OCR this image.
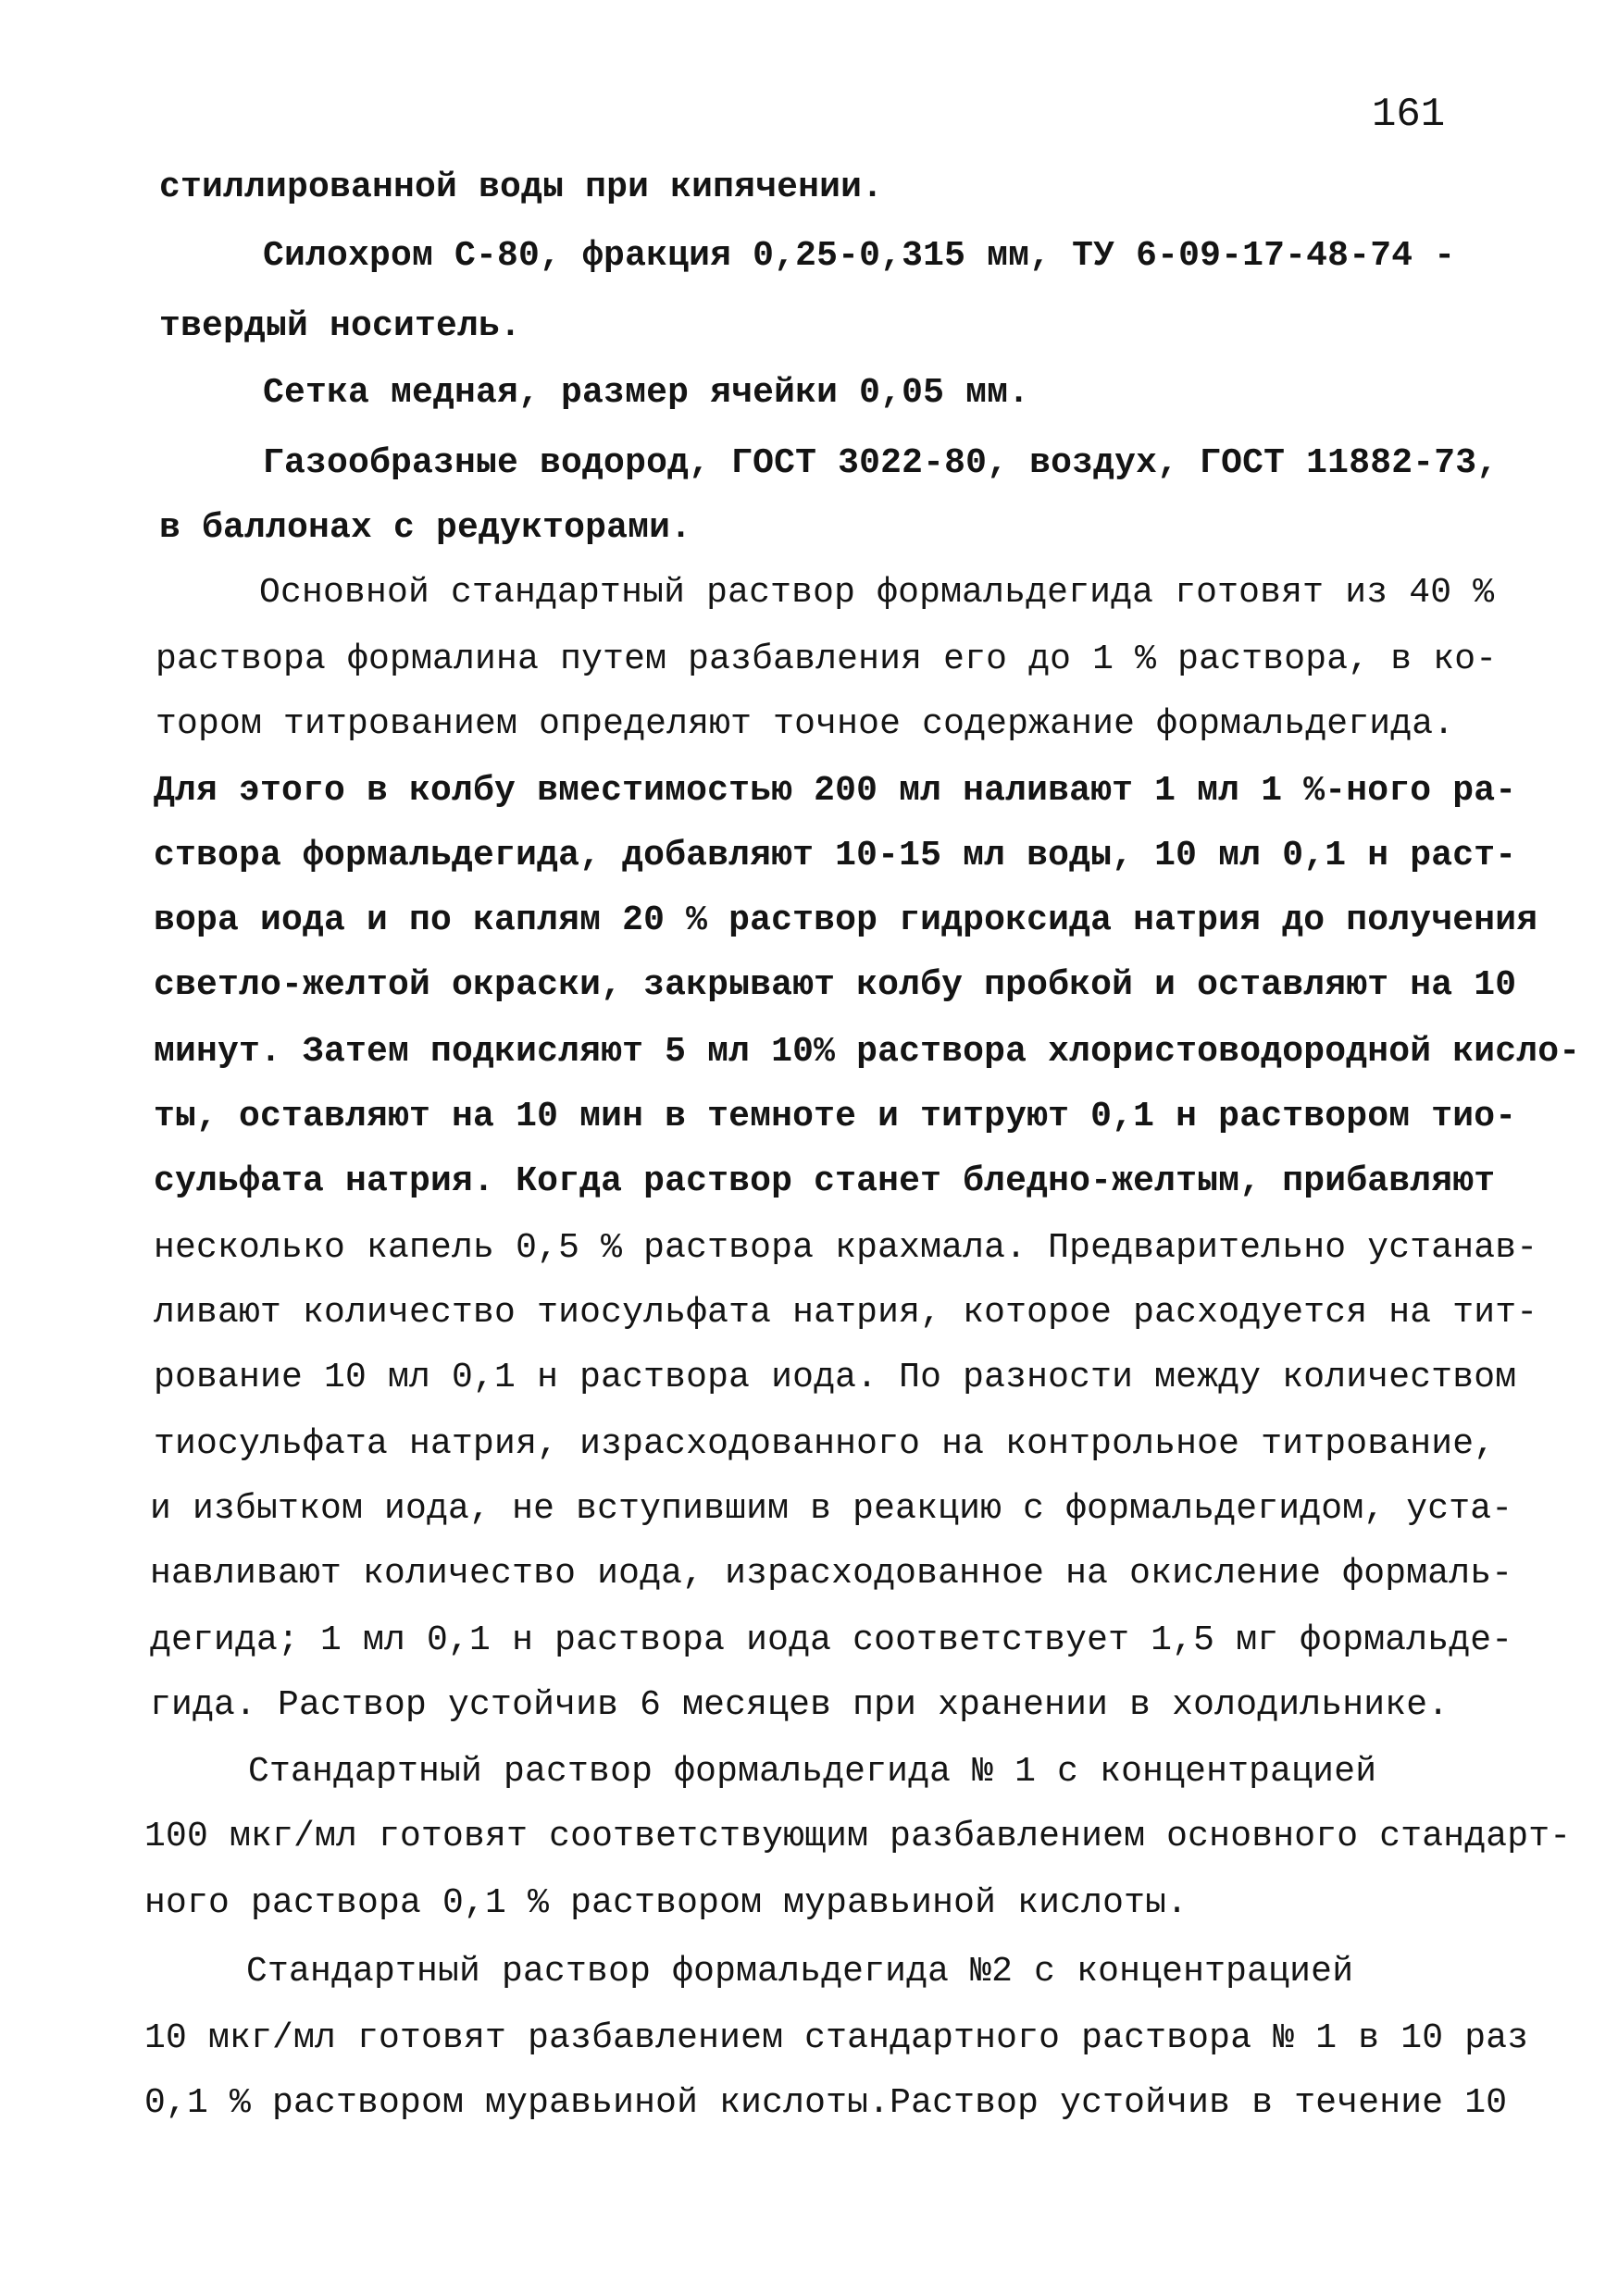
161
стиллированной воды при кипячении.
Силохром С-80, фракция 0,25-0,315 мм, ТУ 6-09-17-48-74 -
твердый носитель.
Сетка медная, размер ячейки 0,05 мм.
Газообразные водород, ГОСТ 3022-80, воздух, ГОСТ 11882-73,
в баллонах с редукторами.
Основной стандартный раствор формальдегида готовят из 40 %
раствора формалина путем разбавления его до 1 % раствора, в ко-
тором титрованием определяют точное содержание формальдегида.
Для этого в колбу вместимостью 200 мл наливают 1 мл 1 %-ного ра-
створа формальдегида, добавляют 10-15 мл воды, 10 мл 0,1 н раст-
вора иода и по каплям 20 % раствор гидроксида натрия до получения
светло-желтой окраски, закрывают колбу пробкой и оставляют на 10
минут. Затем подкисляют 5 мл 10% раствора хлористоводородной кисло-
ты, оставляют на 10 мин в темноте и титруют 0,1 н раствором тио-
сульфата натрия. Когда раствор станет бледно-желтым, прибавляют
несколько капель 0,5 % раствора крахмала. Предварительно устанав-
ливают количество тиосульфата натрия, которое расходуется на тит-
рование 10 мл 0,1 н раствора иода. По разности между количеством
тиосульфата натрия, израсходованного на контрольное титрование,
и избытком иода, не вступившим в реакцию с формальдегидом, уста-
навливают количество иода, израсходованное на окисление формаль-
дегида; 1 мл 0,1 н раствора иода соответствует 1,5 мг формальде-
гида. Раствор устойчив 6 месяцев при хранении в холодильнике.
Стандартный раствор формальдегида № 1 с концентрацией
100 мкг/мл готовят соответствующим разбавлением основного стандарт-
ного раствора 0,1 % раствором муравьиной кислоты.
Стандартный раствор формальдегида №2 с концентрацией
10 мкг/мл готовят разбавлением стандартного раствора № 1 в 10 раз
0,1 % раствором муравьиной кислоты.Раствор устойчив в течение 10
